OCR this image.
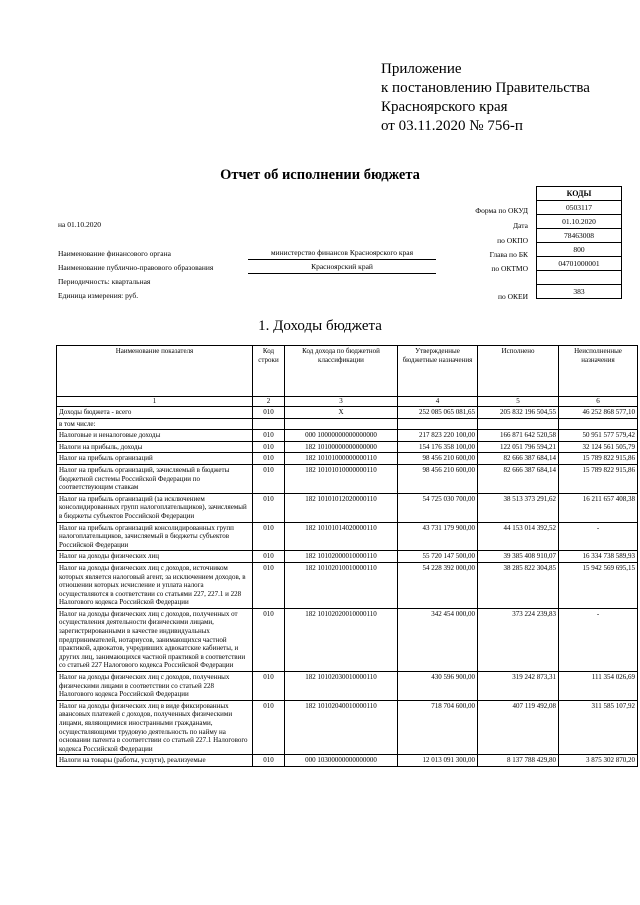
Приложение
к постановлению Правительства
Красноярского края
от 03.11.2020 № 756-п
Отчет об исполнении бюджета
КОДЫ
0503117
01.10.2020
78463008
800
04701000001

383
Форма по ОКУД
Дата
по ОКПО
Глава по БК
по ОКТМО
по ОКЕИ
на 01.10.2020
Наименование финансового органа
Наименование публично-правового образования
Периодичность: квартальная
Единица измерения: руб.
министерство финансов Красноярского края
Красноярский край
1. Доходы бюджета
Наименование показателя	Код строки	Код дохода по бюджетной классификации	Утвержденные бюджетные назначения	Исполнено	Неисполненные назначения
1	2	3	4	5	6
Доходы бюджета - всего	010	X	252 085 065 081,65	205 832 196 504,55	46 252 868 577,10
в том числе:					
Налоговые и неналоговые доходы	010	000 10000000000000000	217 823 220 100,00	166 871 642 520,58	50 951 577 579,42
Налоги на прибыль, доходы	010	182 10100000000000000	154 176 358 100,00	122 051 796 594,21	32 124 561 505,79
Налог на прибыль организаций	010	182 10101000000000110	98 456 210 600,00	82 666 387 684,14	15 789 822 915,86
Налог на прибыль организаций, зачисляемый в бюджеты бюджетной системы Российской Федерации по соответствующим ставкам	010	182 10101010000000110	98 456 210 600,00	82 666 387 684,14	15 789 822 915,86
Налог на прибыль организаций (за исключением консолидированных групп налогоплательщиков), зачисляемый в бюджеты субъектов Российской Федерации	010	182 10101012020000110	54 725 030 700,00	38 513 373 291,62	16 211 657 408,38
Налог на прибыль организаций консолидированных групп налогоплательщиков, зачисляемый в бюджеты субъектов Российской Федерации	010	182 10101014020000110	43 731 179 900,00	44 153 014 392,52	-
Налог на доходы физических лиц	010	182 10102000010000110	55 720 147 500,00	39 385 408 910,07	16 334 738 589,93
Налог на доходы физических лиц с доходов, источником которых является налоговый агент, за исключением доходов, в отношении которых исчисление и уплата налога осуществляются в соответствии со статьями 227, 227.1 и 228 Налогового кодекса Российской Федерации	010	182 10102010010000110	54 228 392 000,00	38 285 822 304,85	15 942 569 695,15
Налог на доходы физических лиц с доходов, полученных от осуществления деятельности физическими лицами, зарегистрированными в качестве индивидуальных предпринимателей, нотариусов, занимающихся частной практикой, адвокатов, учредивших адвокатские кабинеты, и других лиц, занимающихся частной практикой в соответствии со статьей 227 Налогового кодекса Российской Федерации	010	182 10102020010000110	342 454 000,00	373 224 239,83	-
Налог на доходы физических лиц с доходов, полученных физическими лицами в соответствии со статьей 228 Налогового кодекса Российской Федерации	010	182 10102030010000110	430 596 900,00	319 242 873,31	111 354 026,69
Налог на доходы физических лиц в виде фиксированных авансовых платежей с доходов, полученных физическими лицами, являющимися иностранными гражданами, осуществляющими трудовую деятельность по найму на основании патента в соответствии со статьей 227.1 Налогового кодекса Российской Федерации	010	182 10102040010000110	718 704 600,00	407 119 492,08	311 585 107,92
Налоги на товары (работы, услуги), реализуемые	010	000 10300000000000000	12 013 091 300,00	8 137 788 429,80	3 875 302 870,20
